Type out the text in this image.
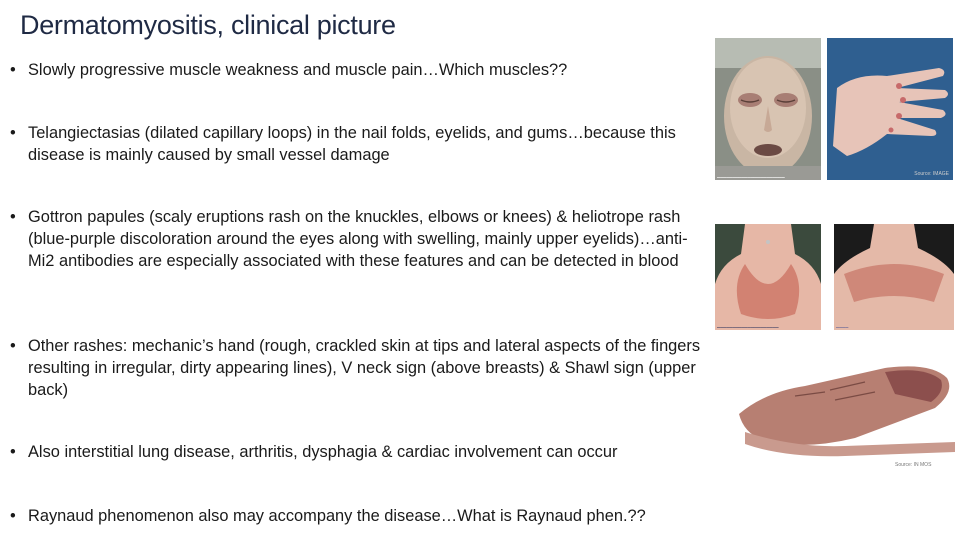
Dermatomyositis, clinical picture
• Slowly progressive muscle weakness and muscle pain…Which muscles??
• Telangiectasias (dilated capillary loops) in the nail folds, eyelids, and gums…because this disease is mainly caused by small vessel damage
• Gottron papules (scaly eruptions rash on the knuckles, elbows or knees) & heliotrope rash (blue-purple discoloration around the eyes along with swelling, mainly upper eyelids)…anti-Mi2 antibodies are especially associated with these features and can be detected in blood
• Other rashes: mechanic’s hand (rough, crackled skin at tips and lateral aspects of the fingers resulting in irregular, dirty appearing lines), V neck sign (above breasts) & Shawl sign (upper back)
• Also interstitial lung disease, arthritis, dysphagia & cardiac involvement can occur
• Raynaud phenomenon also may accompany the disease…What is Raynaud phen.??
▁▁▁▁▁▁▁▁▁▁▁▁▁▁▁▁▁▁▁▁▁▁	Source: IMAGE
▁▁▁▁▁▁▁▁▁▁▁▁▁▁▁▁▁▁▁▁	▁▁▁▁
Source: IN MOS
